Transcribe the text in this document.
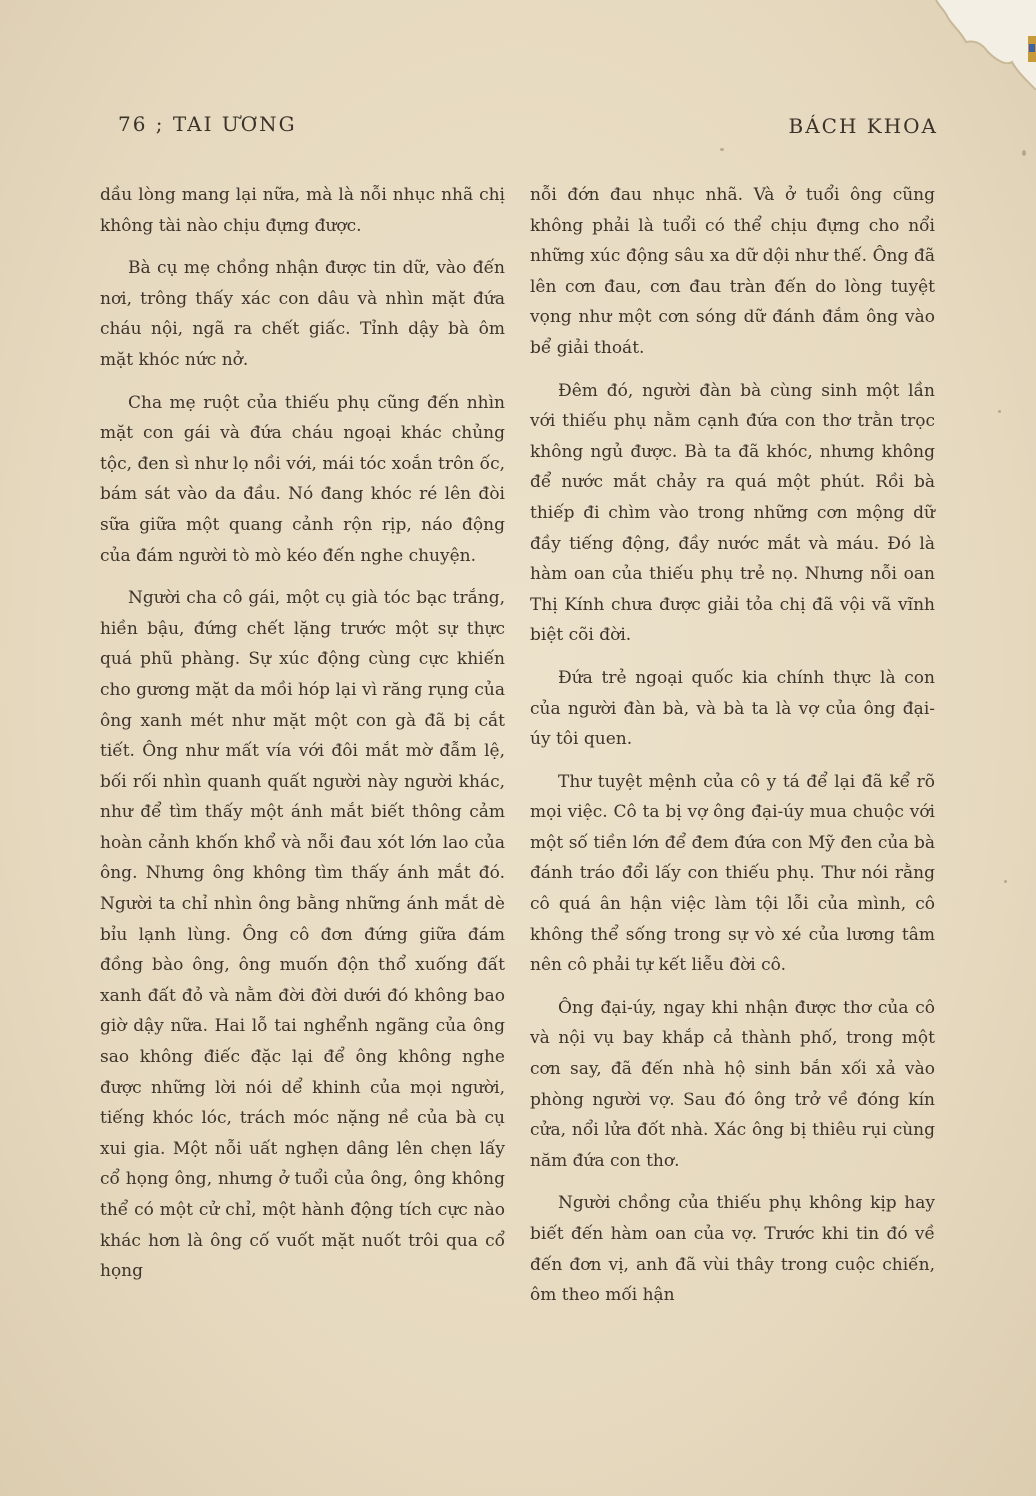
76 ; TAI ƯƠNG	BÁCH KHOA

dầu lòng mang lại nữa, mà là nỗi nhục nhã chị không tài nào chịu đựng được.

Bà cụ mẹ chồng nhận được tin dữ, vào đến nơi, trông thấy xác con dâu và nhìn mặt đứa cháu nội, ngã ra chết giấc. Tỉnh dậy bà ôm mặt khóc nức nở.

Cha mẹ ruột của thiếu phụ cũng đến nhìn mặt con gái và đứa cháu ngoại khác chủng tộc, đen sì như lọ nồi với, mái tóc xoắn trôn ốc, bám sát vào da đầu. Nó đang khóc ré lên đòi sữa giữa một quang cảnh rộn rịp, náo động của đám người tò mò kéo đến nghe chuyện.

Người cha cô gái, một cụ già tóc bạc trắng, hiền bậu, đứng chết lặng trước một sự thực quá phũ phàng. Sự xúc động cùng cực khiến cho gương mặt da mồi hóp lại vì răng rụng của ông xanh mét như mặt một con gà đã bị cắt tiết. Ông như mất vía với đôi mắt mờ đẫm lệ, bối rối nhìn quanh quất người này người khác, như để tìm thấy một ánh mắt biết thông cảm hoàn cảnh khốn khổ và nỗi đau xót lớn lao của ông. Nhưng ông không tìm thấy ánh mắt đó. Người ta chỉ nhìn ông bằng những ánh mắt dè bỉu lạnh lùng. Ông cô đơn đứng giữa đám đồng bào ông, ông muốn độn thổ xuống đất xanh đất đỏ và nằm đời đời dưới đó không bao giờ dậy nữa. Hai lỗ tai nghểnh ngãng của ông sao không điếc đặc lại để ông không nghe được những lời nói dể khinh của mọi người, tiếng khóc lóc, trách móc nặng nề của bà cụ xui gia. Một nỗi uất nghẹn dâng lên chẹn lấy cổ họng ông, nhưng ở tuổi của ông, ông không thể có một cử chỉ, một hành động tích cực nào khác hơn là ông cố vuốt mặt nuốt trôi qua cổ họng

nỗi đớn đau nhục nhã. Và ở tuổi ông cũng không phải là tuổi có thể chịu đựng cho nổi những xúc động sâu xa dữ dội như thế. Ông đã lên cơn đau, cơn đau tràn đến do lòng tuyệt vọng như một cơn sóng dữ đánh đắm ông vào bể giải thoát.

Đêm đó, người đàn bà cùng sinh một lần với thiếu phụ nằm cạnh đứa con thơ trằn trọc không ngủ được. Bà ta đã khóc, nhưng không để nước mắt chảy ra quá một phút. Rồi bà thiếp đi chìm vào trong những cơn mộng dữ đầy tiếng động, đầy nước mắt và máu. Đó là hàm oan của thiếu phụ trẻ nọ. Nhưng nỗi oan Thị Kính chưa được giải tỏa chị đã vội vã vĩnh biệt cõi đời.

Đứa trẻ ngoại quốc kia chính thực là con của người đàn bà, và bà ta là vợ của ông đại-úy tôi quen.

Thư tuyệt mệnh của cô y tá để lại đã kể rõ mọi việc. Cô ta bị vợ ông đại-úy mua chuộc với một số tiền lớn để đem đứa con Mỹ đen của bà đánh tráo đổi lấy con thiếu phụ. Thư nói rằng cô quá ân hận việc làm tội lỗi của mình, cô không thể sống trong sự vò xé của lương tâm nên cô phải tự kết liễu đời cô.

Ông đại-úy, ngay khi nhận được thơ của cô và nội vụ bay khắp cả thành phố, trong một cơn say, đã đến nhà hộ sinh bắn xối xả vào phòng người vợ. Sau đó ông trở về đóng kín cửa, nổi lửa đốt nhà. Xác ông bị thiêu rụi cùng năm đứa con thơ.

Người chồng của thiếu phụ không kịp hay biết đến hàm oan của vợ. Trước khi tin đó về đến đơn vị, anh đã vùi thây trong cuộc chiến, ôm theo mối hận
